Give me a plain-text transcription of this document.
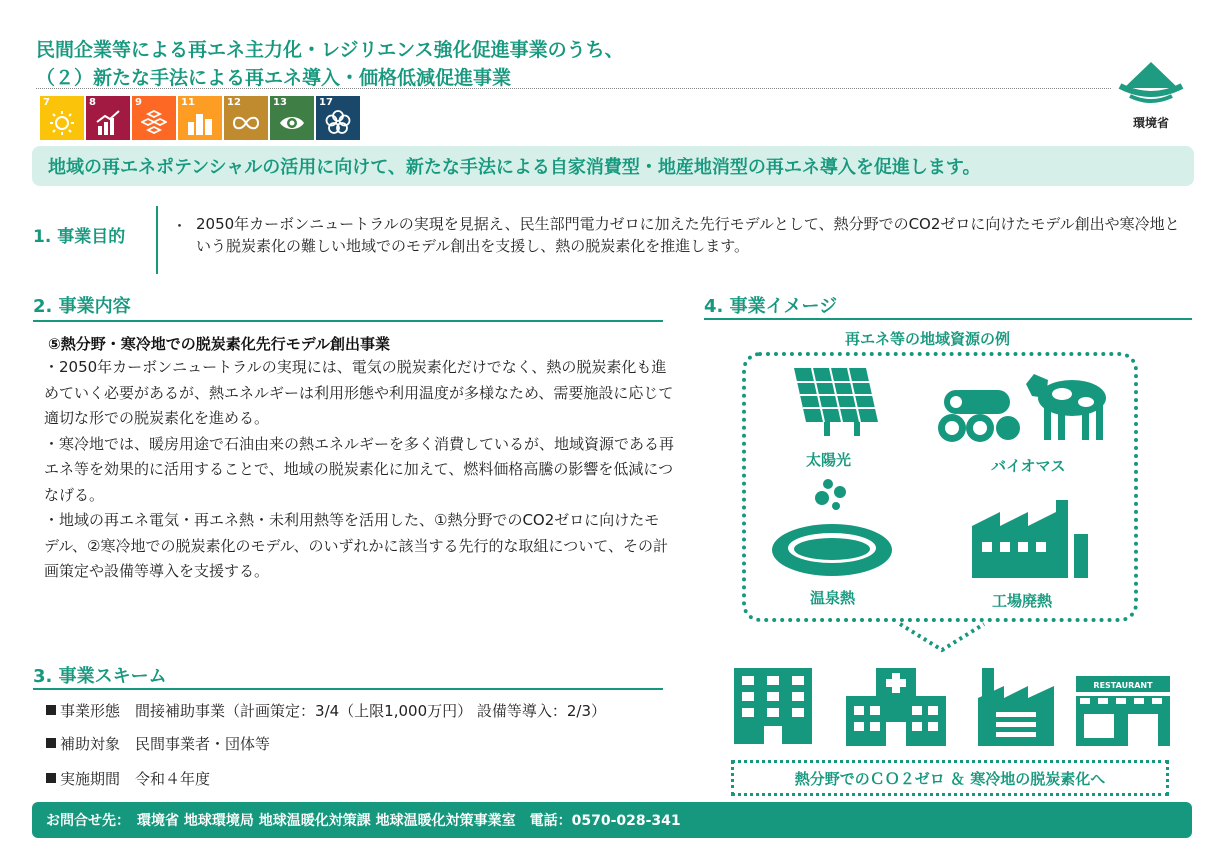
民間企業等による再エネ主力化・レジリエンス強化促進事業のうち、
（２）新たな手法による再エネ導入・価格低減促進事業
7	8	9	11	12	13	17
環境省
地域の再エネポテンシャルの活用に向けて、新たな手法による自家消費型・地産地消型の再エネ導入を促進します。
1. 事業目的
・ 2050年カーボンニュートラルの実現を見据え、民生部門電力ゼロに加えた先行モデルとして、熱分野でのCO2ゼロに向けたモデル創出や寒冷地という脱炭素化の難しい地域でのモデル創出を支援し、熱の脱炭素化を推進します。
2. 事業内容
⑤熱分野・寒冷地での脱炭素化先行モデル創出事業

・2050年カーボンニュートラルの実現には、電気の脱炭素化だけでなく、熱の脱炭素化も進めていく必要があるが、熱エネルギーは利用形態や利用温度が多様なため、需要施設に応じて適切な形での脱炭素化を進める。

・寒冷地では、暖房用途で石油由来の熱エネルギーを多く消費しているが、地域資源である再エネ等を効果的に活用することで、地域の脱炭素化に加えて、燃料価格高騰の影響を低減につなげる。

・地域の再エネ電気・再エネ熱・未利用熱等を活用した、①熱分野でのCO2ゼロに向けたモデル、②寒冷地での脱炭素化のモデル、のいずれかに該当する先行的な取組について、その計画策定や設備等導入を支援する。

3. 事業スキーム
事業形態　 間接補助事業（計画策定：3/4（上限1,000万円） 設備等導入：2/3）
補助対象　 民間事業者・団体等
実施期間　 令和４年度
4. 事業イメージ
再エネ等の地域資源の例
太陽光	バイオマス
温泉熱	工場廃熱
RESTAURANT
熱分野でのＣＯ２ゼロ ＆ 寒冷地の脱炭素化へ
お問合せ先：　環境省 地球環境局 地球温暖化対策課 地球温暖化対策事業室　電話：0570-028-341
